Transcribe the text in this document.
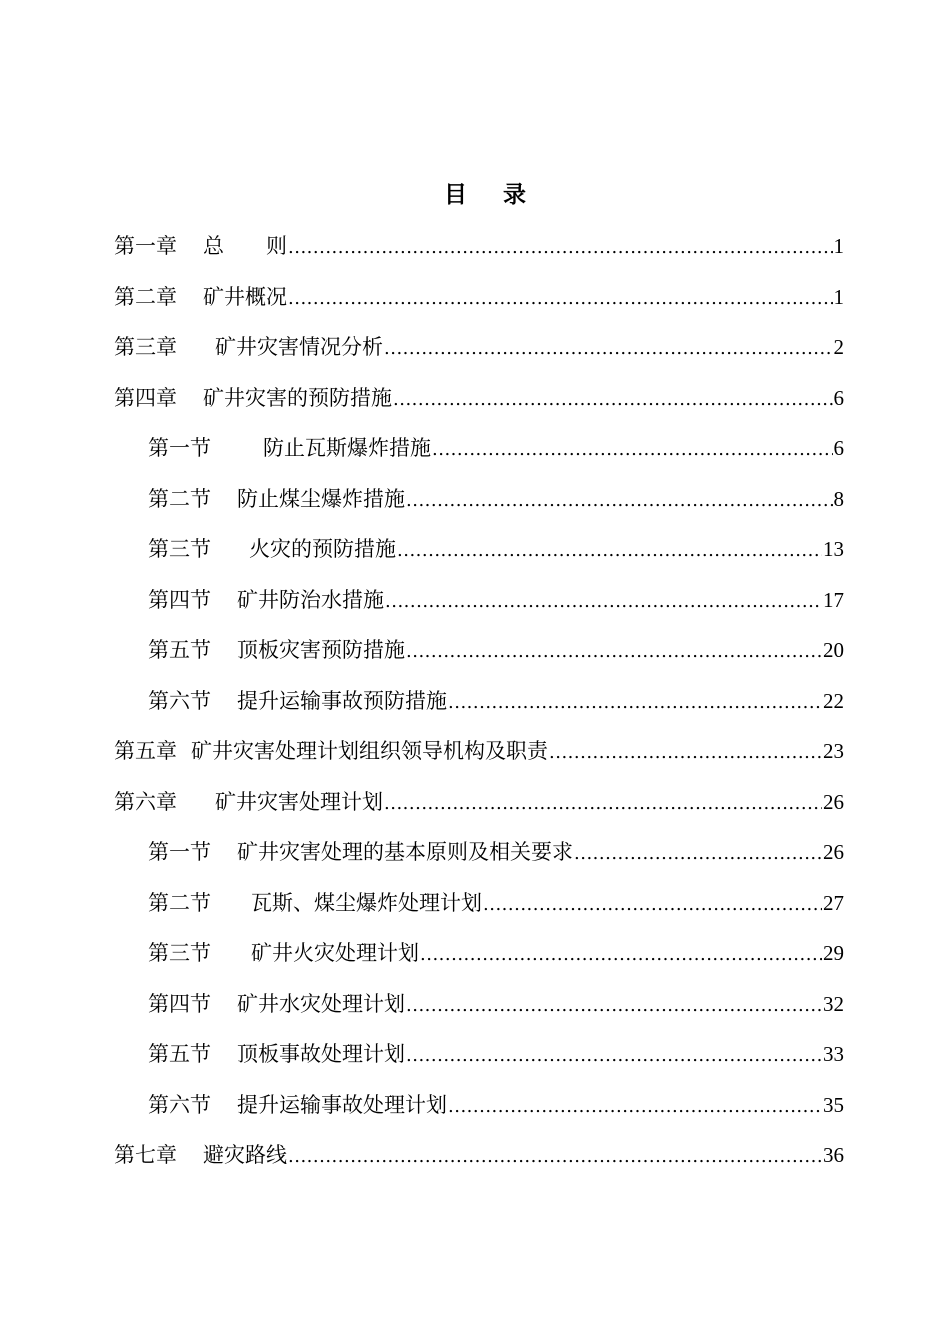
目 录
第一章 总　　则 .....	1
第二章 矿井概况 .....	1
第三章 矿井灾害情况分析 .....	2
第四章 矿井灾害的预防措施 .....	6
第一节 防止瓦斯爆炸措施 .....	6
第二节 防止煤尘爆炸措施 .....	8
第三节 火灾的预防措施 .....	13
第四节 矿井防治水措施 .....	17
第五节 顶板灾害预防措施 .....	20
第六节 提升运输事故预防措施 .....	22
第五章 矿井灾害处理计划组织领导机构及职责 .....	23
第六章 矿井灾害处理计划 .....	26
第一节 矿井灾害处理的基本原则及相关要求 .....	26
第二节 瓦斯、煤尘爆炸处理计划 .....	27
第三节 矿井火灾处理计划 .....	29
第四节 矿井水灾处理计划 .....	32
第五节 顶板事故处理计划 .....	33
第六节 提升运输事故处理计划 .....	35
第七章 避灾路线 .....	36
